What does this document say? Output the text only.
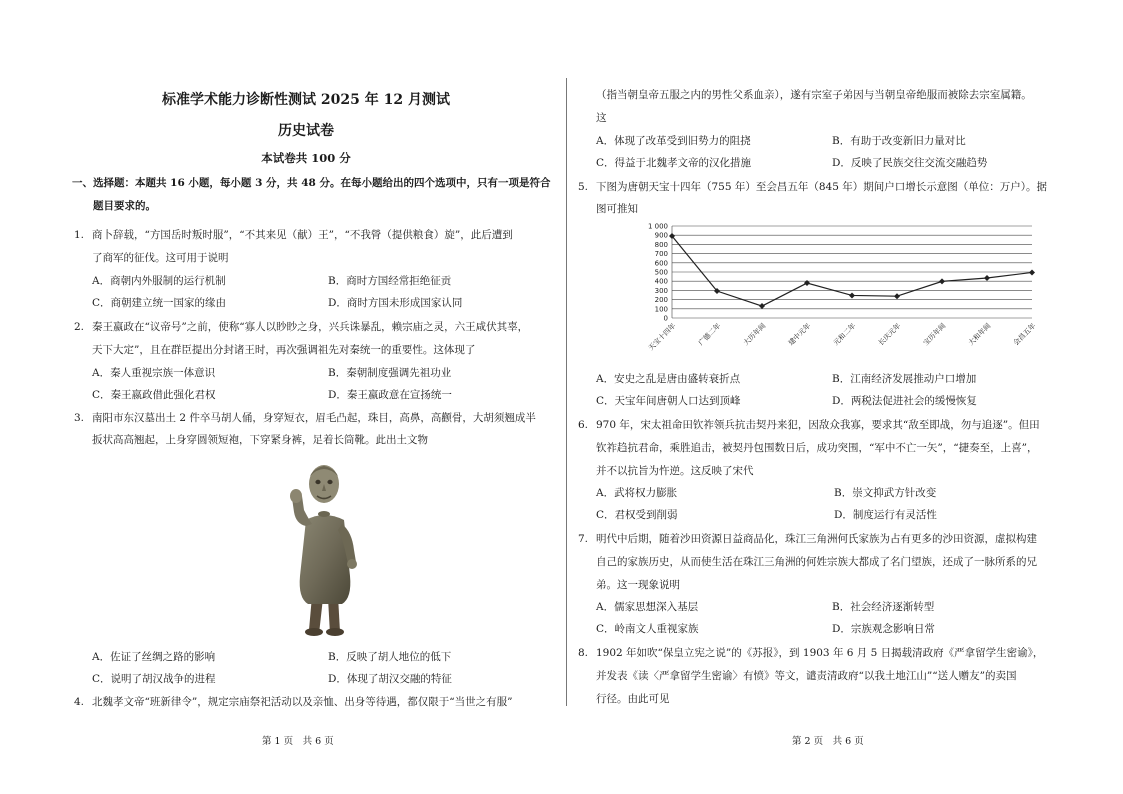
标准学术能力诊断性测试 2025 年 12 月测试
历史试卷
本试卷共 100 分
一、选择题：本题共 16 小题，每小题 3 分，共 48 分。在每小题给出的四个选项中，只有一项是符合
题目要求的。
1. 商卜辞载，“方国岳时叛时服”，“不其来见（献）王”，“不我膋（提供粮食）旋”，此后遭到
了商军的征伐。这可用于说明
A．商朝内外服制的运行机制	B．商时方国经常拒绝征贡
C．商朝建立统一国家的缘由	D．商时方国未形成国家认同
2. 秦王嬴政在“议帝号”之前，使称“寡人以眇眇之身，兴兵诛暴乱，赖宗庙之灵，六王咸伏其辜，
天下大定”，且在群臣提出分封诸王时，再次强调祖先对秦统一的重要性。这体现了
A．秦人重视宗族一体意识	B．秦朝制度强调先祖功业
C．秦王嬴政借此强化君权	D．秦王嬴政意在宣扬统一
3. 南阳市东汉墓出土 2 件卒马胡人俑，身穿短衣，眉毛凸起，珠目，高鼻，高颧骨，大胡须翘成半
扳状高高翘起，上身穿圆领短袍，下穿紧身裤，足着长筒靴。此出土文物
A．佐证了丝绸之路的影响	B．反映了胡人地位的低下
C．说明了胡汉战争的进程	D．体现了胡汉交融的特征
4. 北魏孝文帝“班新律令”，规定宗庙祭祀活动以及亲恤、出身等待遇，都仅限于“当世之有服”
第 1 页　共 6 页
（指当朝皇帝五服之内的男性父系血亲），遂有宗室子弟因与当朝皇帝绝服而被除去宗室属籍。
这
A．体现了改革受到旧势力的阻挠	B．有助于改变新旧力量对比
C．得益于北魏孝文帝的汉化措施	D．反映了民族交往交流交融趋势
5. 下图为唐朝天宝十四年（755 年）至会昌五年（845 年）期间户口增长示意图（单位：万户）。据
图可推知
0
100
200
300
400
500
600
700
800
900
1 000
天宝十四年	广德二年	大历年间	建中元年	元和二年	长庆元年	宝历年间	大和年间	会昌五年
A．安史之乱是唐由盛转衰折点	B．江南经济发展推动户口增加
C．天宝年间唐朝人口达到顶峰	D．两税法促进社会的缓慢恢复
6. 970 年，宋太祖命田钦祚领兵抗击契丹来犯，因敌众我寡，要求其“敌至即战，勿与追逐”。但田
钦祚趋抗君命，乘胜追击，被契丹包围数日后，成功突围，“军中不亡一矢”，“捷奏至，上喜”，
并不以抗旨为忤逆。这反映了宋代
A．武将权力膨胀	B．崇文抑武方针改变
C．君权受到削弱	D．制度运行有灵活性
7. 明代中后期，随着沙田资源日益商品化，珠江三角洲何氏家族为占有更多的沙田资源，虚拟构建
自己的家族历史，从而使生活在珠江三角洲的何姓宗族大都成了名门望族，还成了一脉所系的兄
弟。这一现象说明
A．儒家思想深入基层	B．社会经济逐渐转型
C．岭南文人重视家族	D．宗族观念影响日常
8. 1902 年如吹“保皇立宪之说”的《苏报》，到 1903 年 6 月 5 日揭载清政府《严拿留学生密谕》，
并发表《读〈严拿留学生密谕〉有愤》等文，谴责清政府“以我土地江山”“送人赠友”的卖国
行径。由此可见
第 2 页　共 6 页
